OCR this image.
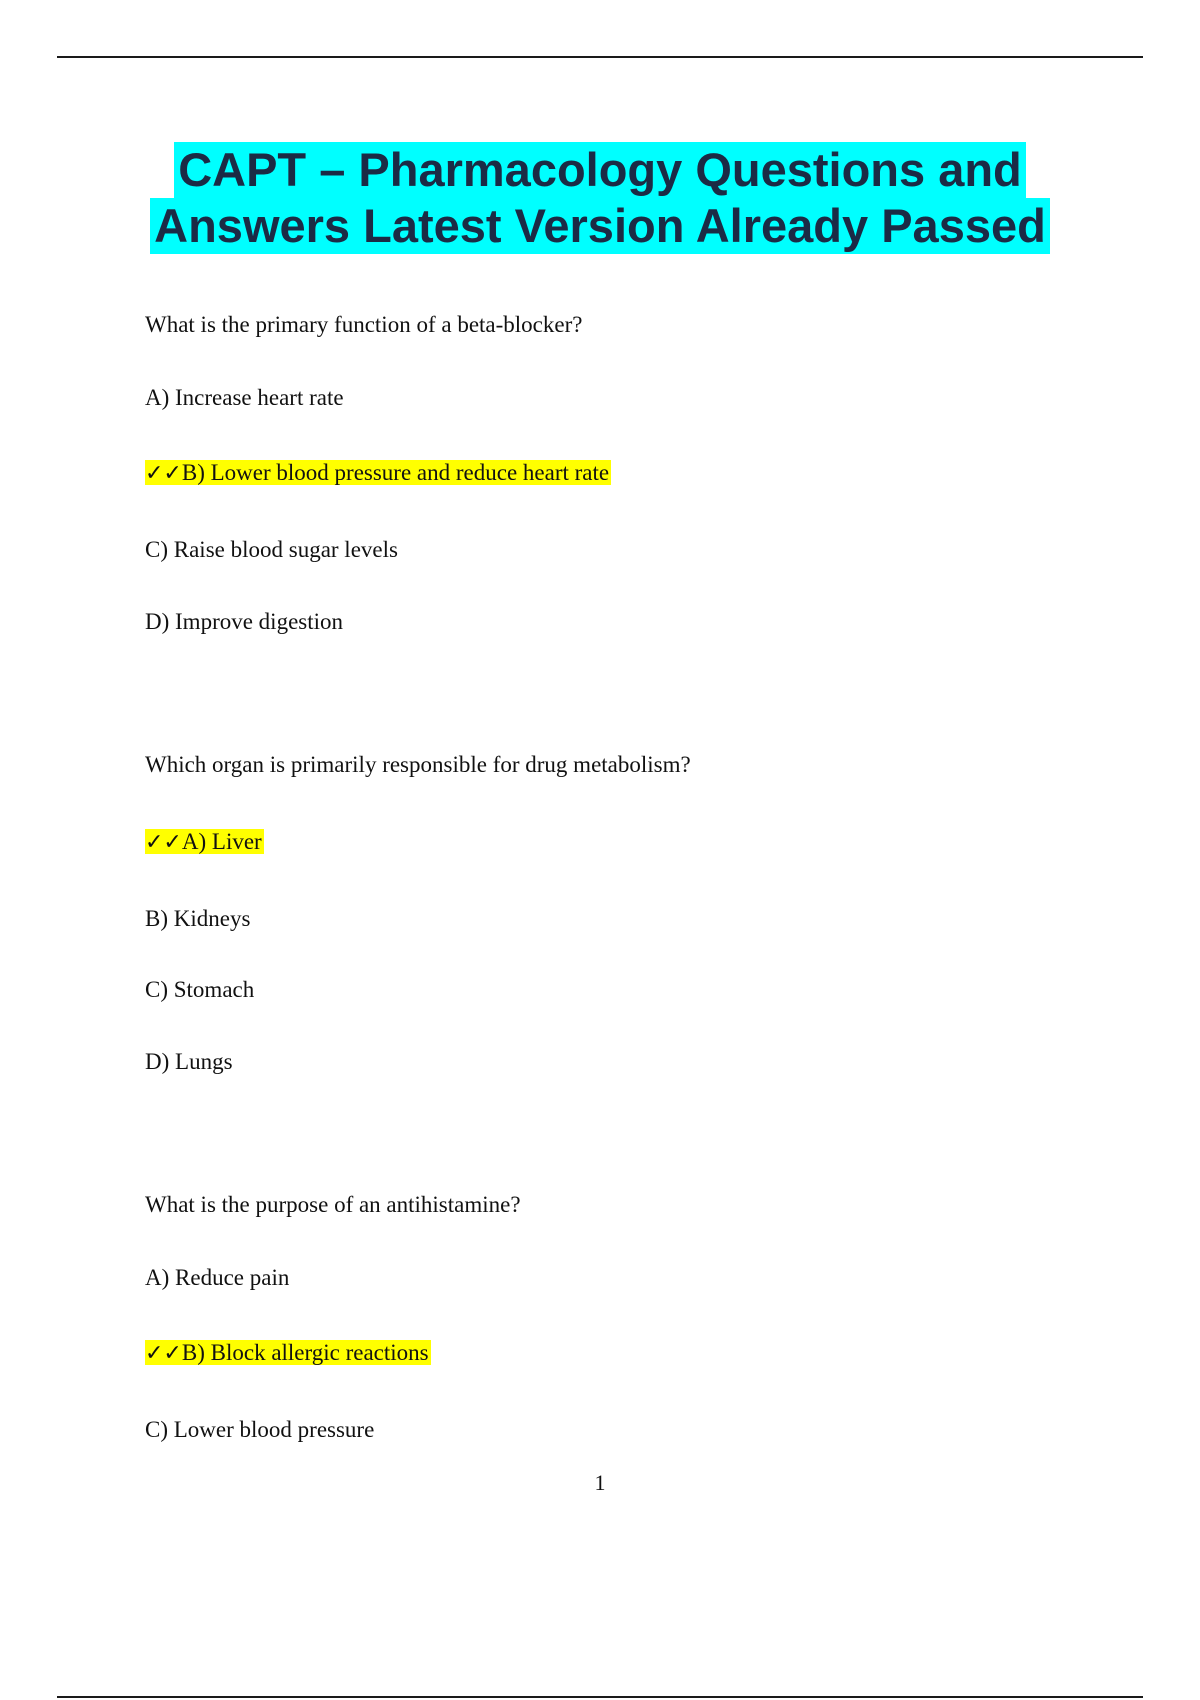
CAPT – Pharmacology Questions and
Answers Latest Version Already Passed
What is the primary function of a beta-blocker?
A) Increase heart rate
✓✓B) Lower blood pressure and reduce heart rate
C) Raise blood sugar levels
D) Improve digestion
Which organ is primarily responsible for drug metabolism?
✓✓A) Liver
B) Kidneys
C) Stomach
D) Lungs
What is the purpose of an antihistamine?
A) Reduce pain
✓✓B) Block allergic reactions
C) Lower blood pressure
1
